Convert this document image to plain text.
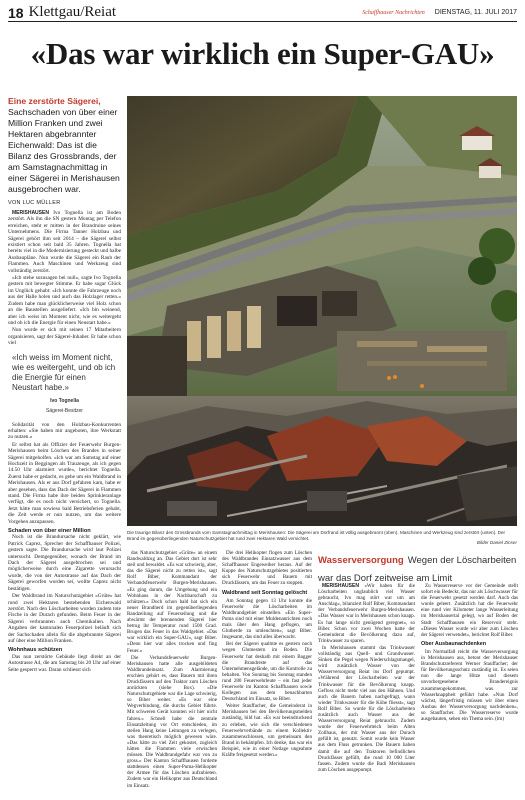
18 Klettgau/Reiat	Schaffhauser Nachrichten DIENSTAG, 11. JULI 2017
«Das war wirklich ein Super-GAU»
Eine zerstörte Sägerei, Sachschaden von über einer Million Franken und zwei Hektaren abgebrannter Eichenwald: Das ist die Bilanz des Grossbrands, der am Samstagnachmittag in einer Sägerei in Merishausen ausgebrochen war.
VON LUC MÜLLER

MERISHAUSEN Ivo Tognella ist am Boden zerstört. Als ihn die SN gestern Montag per Telefon erreichen, steht er mitten in der Brandruine seines Unternehmens. Die Firma Tanner Holzbau und Sägerei gehört ihm seit 2014 – die Sägerei selbst existiert schon seit bald 35 Jahren. Tognella hat bereits viel in die Modernisierung gesteckt und halbe Ausbaupläne. Nun wurde die Sägerei ein Raub der Flammen. Auch Maschinen und Werkzeug sind vollständig zerstört.

«Ich stehe sozusagen bei null», sagte Ivo Tognella gestern mit bewegter Stimme. Er habe sogar Glück im Unglück gehabt: «Ich konnte die Fahrzeuge noch aus der Halle holen und auch das Holzlager retten.» Zudem habe man glücklicherweise viel Holz schon an die Baustellen ausgeliefert. «Ich bin weinend, aber ich weiss im Moment nicht, wie es weitergeht und ob ich die Energie für einen Neustart habe.»

Nun wurde er sich mit seinen 17 Mitarbeitern organisieren, sagt der Sägerei-Inhaber. Er habe schon viel

«Ich weiss im Moment nicht, wie es weitergeht, und ob ich die Energie für einen Neustart habe.»
Ivo Tognella
Sägerei-Besitzer

Solidarität von den Holzbau-Konkurrenten erhalten: «Sie haben mir angeboten, ihre Werkstatt zu nutzen.»

Er selbst hat als Offizier der Feuerwehr Burgen-Merishausen beim Löschen des Brandes in seiner Sägerei mitgeholfen. «Ich war am Samstag auf einer Hochzeit in Beggingen als Trauzeuge, als ich gegen 14.50 Uhr alarmiert wurde», berichtet Tognella. Zuerst habe er gedacht, es gehe um ein Waldbrand in Merishausen. Als er aus Dorf gefahren kam, habe er aber gesehen, dass das Dach der Sägerei in Flammen stand. Die Firma habe ihre beiden Sprinkleranlage verfügt, die es noch nicht versichert, so Tognella. Jetzt hätte man sowieso bald Betriebsferien gehabt, die Zeit werde er nun nutzen, um das weitere Vorgehen anzupassen.

Schaden von über einer Million

Noch ist die Brandursache nicht geklärt, wie Patrick Caprez, Sprecher der Schaffhauser Polizei, gestern sagte. Die Brandursache wird laut Polizei untersucht. Demgegenüber, wonach der Brand im Dach der Sägerei ausgebrochen sei und möglicherweise durch eine Zigarette verursacht wurde, die von der Autostrasse auf das Dach der Sägerei geworfen worden sei, wollte Caprez nicht bestätigen.

Der Waldbrand im Naturschutzgebiet «Grüte» hat rund zwei Hektaren bestehenden Eichenwald zerstört. Nach den Löscharbeiten wurden zudem tote Fische in der Durach gefunden. Beim Feuer in der Sägerei verbrannten auch Chemikalien. Nach Angaben der kantonalen Feuerpolizei beläuft sich der Sachschaden allein für die abgebrannte Sägerei auf über eine Million Franken.

Wohnhaus schützen

Das nun zerstörte Gebäude liegt direkt an der Autostrasse A4, die am Samstag bis 20 Uhr auf einer Seite gesperrt war. Daran schliesst sich

Die traurige Bilanz des Grossbrands vom Samstagnachmittag in Merishausen: Die Sägerei am Dorfrand ist völlig ausgebrannt (oben). Maschinen und Werkzeug sind zerstört (unten). Der Brand im gegenüberliegenden Naturschutzgebiet hat rund zwei Hektaren Wald vernichtet.
Bilder Daniel Zinser

das Naturschutzgebiet «Grüte» an einem Randwaldzug an. Das Gebiet dort ist sehr steil und bewaldet. «Es war schwierig, aber, das die Sägerei nicht zu retten ist», sagt Rolf Biber, Kommandant der Verbandsfeuerwehr Burgen-Merishausen. «Es ging darum, die Umgebung und ein Wohnhaus in der Nachbarschaft zu schützen.» Doch schon bald hat sich ein neuer Brandherd im gegenüberliegenden Randzeilung auf Feuerseilung und die abwärmt der brennenden Sägerei hier betrug ihr Temperatur rund 1500 Grad. Brugen das Feuer in das Waldgebiet. «Das war wirklich ein Super-GAU», sagt Biber. «Denn hier war alles trocken und fing Feuer.»

Die Verbandsfeuerwehr Burgen-Merishausen hatte alle ausgebildeten Waldbrandeinsatz. Zum Alarmierung erschien gehört es, dass Bauern mit ihren Druckfässern auf den Traktor zum Löschen anrückten (siehe Box). «Die Naturschutzgebiete war die Lage schwierig, so Biber weiter. «Es war eine Wegverbindung, die durchs Gebiet führte. Mit schweren Gerät konnten wir hier nicht fahren.» Schnell habe die zentrale Einsatzleitung vor Ort entschieden, im steilen Hang keine Leitungen zu verlegen, was theoretisch möglich gewesen wäre. «Das hätte zu viel Zeit gekostet, zugleich hätten die Flammen viele erwischen müssen. Die Waldbrandgefahr war von zu gross.» Der Kanton Schaffhausen forderte stattdessen einen Super-Puma-Helikopter der Armee für das Löschen aufzubieten. Zudem war ein Helikopter aus Deutschland im Einsatz.

Die drei Helikopter flogen zum Löschen des Waldbrandes Einsatzwasser aus dem Schaffhauser Engeweiher heraus. Auf der Kuppe des Naturschutzgebietes positierten sich Feuerwehr und Bauern mit Druckfässern, um das Feuer zu stoppen.

Waldbrand seit Sonntag gelöscht

Am Sonntag gegen 13 Uhr konnte die Feuerwehr die Löscharbeiten im Waldbrandgebiet einstellen. «Ein Super-Puma sind mit einer Muldenanrichten noch mals über den Hang geflogen, um Glutherde zu umleuchten», sagt Biber. Insgesamt, das sind alles überwacht.

Bei der Sägerei qualmte es gestern noch wegen Glutnestern im Boden. Die Feuerwehr hat deshalb mit einem Bagger die Brandreste auf das Unternehmensgelände, um die Kontrolle zu behalten. Von Sonntag bis Sonntag standen rund 280 Feuerwehrleute – ein fast jeder Feuerwehr im Kanton Schaffhausen sowie Kollegen aus dem benachbarten Deutschland im Einsatz, so Biber.

Weiter Stauffacher, die Gemeinderat in Merishausen bei den Bevölkerungsmelden zuständig, bild hat. «Es war beeindruckend zu erleben, wie sich die verschiedenen Feuerwehrverbände zu einem Kollektiv zusammenschlossen, um gemeinsam den Brand in bekämpfen. Ich denke, das war ein Beispiel, wie in einer Notlage ungeahnte Kräfte freigesetzt werden.»

Wasserversorgung Wegen der Löscharbeiten war das Dorf zeitweise am Limit

MERISHAUSEN «Wir haben für die Löscharbeiten unglaublich viel Wasser gebraucht, Ivo mag stört war um am Anschlag», bilanziert Rolf Biber, Kommandant der Verbandsfeuerwehr Burgen-Merishausen. «Das Wasser war in Merishausen schon knapp. Es hat lange nicht genügend geregnet», so Biber. Schon vor zwei Wochen hatte der Gemeinderat die Bevölkerung dazu auf, Trinkwasser zu sparen.

In Merishausen stammt das Trinkwasser vollständig aus Quell- und Grundwasser. Sinken die Pegel wegen Niederschlagsmangel, wird zusätzlich Wasser von der Wasserversorgung Reiat ins Dorf gepumpt. «Während der Löscharbeiten war der Trinkwasser für die Bevölkerung knapp. Gefloss nicht mehr viel aus den Hähnen. Und auch die Bauern haben nachgefragt, wann wieder Trinkwasser für die Kühe fliesst», sagt Rolf Biber. So wurde für die Löscharbeiten zusätzlich auch Wasser aus der Wasserversorgung Reiat gebraucht. Zudem wurde der Feuerwehrteich beim Alten Zollhaus, der mit Wasser aus der Durach gefüllt ist, genutzt. Somit wurde kein Wasser aus dem Fluss getrunken. Die Bauern haben damit die auf den Traktoren befindlichen Druckfässer gefüllt, die rund 10 000 Liter fassen. Zudem wurde die Badi Merishausen zum Löschen ausgepumpt.

Zu Wasserreserve vor der Gemeinde stellt sofort ein Bedeckt, das nur als Löschwasser für die Feuerwehr gesetzt werden darf. Auch das wurde geleert. Zusätzlich hat die Feuerwehr eine rund vier Kilometer lange Wasserleitung im Merishausertal gelegt, wo auf Boden der Stadt Schaffhausen ein Reservoir steht. «Dieses Wasser wurde wir aber zum Löschen der Sägerei verwendet», berichtet Rolf Biber.

Ober Ausbaunachdenken

Im Normalfall reicht die Wasserversorgung in Merishausen aus, betont der Merishauser Brandschutzreferent Werner Stauffacher; der für Bevölkerungsschutz zuständig ist. Es seien nun die lange Hitze und diesem unvorhergesehene Brandereignis zusammengekommen, was zur Wasserknappheit geführt habe. «Nun Dorf wächst, längerfristig müssen wir über einen Ausbau der Wasserversorgung nachdenken», so Stauffacher. Die Wasserreserve wurde ausgebauten, sehen ein Thema sein. (lm)
